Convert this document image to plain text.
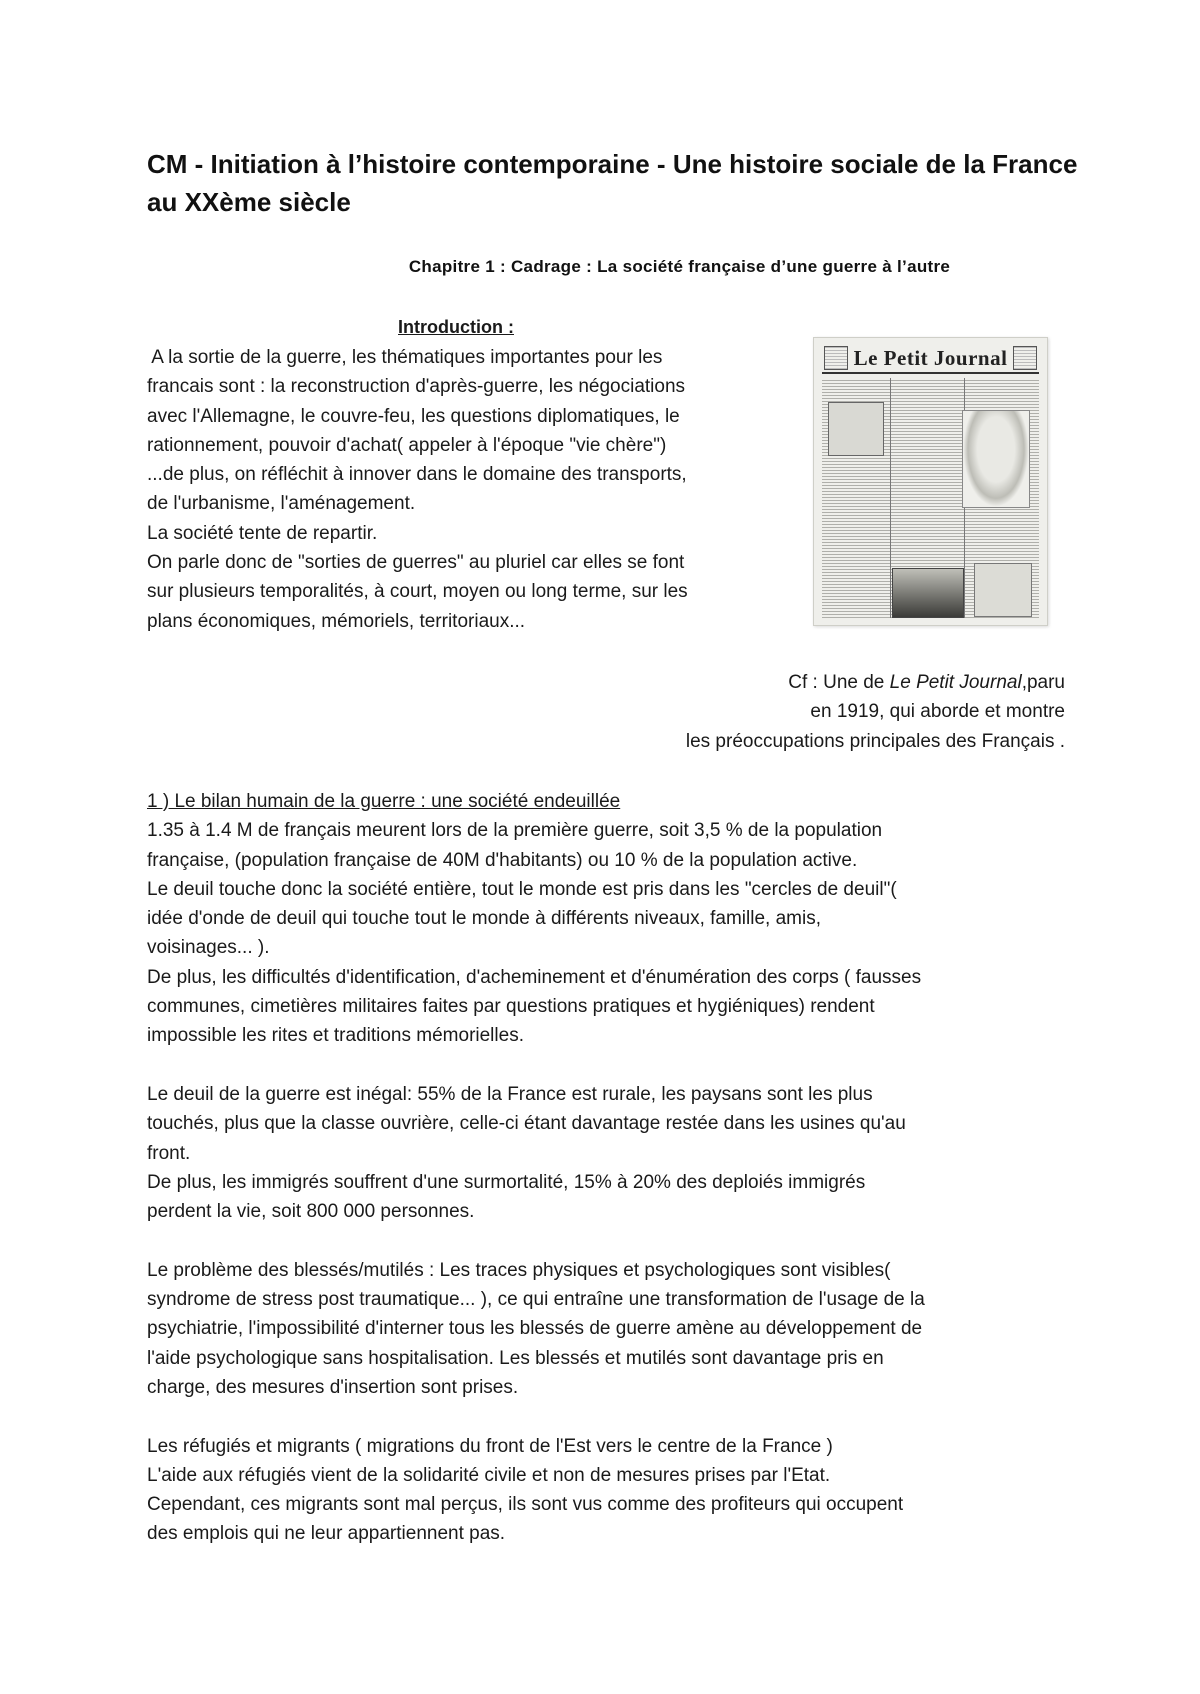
CM - Initiation à l’histoire contemporaine - Une histoire sociale de la France au XXème siècle

Chapitre 1 : Cadrage : La société française d’une guerre à l’autre

Introduction :

A la sortie de la guerre, les thématiques importantes pour les
francais sont : la reconstruction d'après-guerre, les négociations
avec l'Allemagne, le couvre-feu, les questions diplomatiques, le
rationnement, pouvoir d'achat( appeler à l'époque "vie chère")
...de plus, on réfléchit à innover dans le domaine des transports,
de l'urbanisme, l'aménagement.
La société tente de repartir.
On parle donc de "sorties de guerres" au pluriel car elles se font
sur plusieurs temporalités, à court, moyen ou long terme, sur les
plans économiques, mémoriels, territoriaux...
Le Petit Journal
Cf : Une de Le Petit Journal,paru
en 1919, qui aborde et montre
les préoccupations principales des Français .
1 ) Le bilan humain de la guerre : une société endeuillée
1.35 à 1.4 M de français meurent lors de la première guerre, soit 3,5 % de la population
française, (population française de 40M d'habitants) ou 10 % de la population active.
Le deuil touche donc la société entière, tout le monde est pris dans les "cercles de deuil"(
idée d'onde de deuil qui touche tout le monde à différents niveaux, famille, amis,
voisinages... ).
De plus, les difficultés d'identification, d'acheminement et d'énumération des corps ( fausses
communes, cimetières militaires faites par questions pratiques et hygiéniques) rendent
impossible les rites et traditions mémorielles.
Le deuil de la guerre est inégal: 55% de la France est rurale, les paysans sont les plus
touchés, plus que la classe ouvrière, celle-ci étant davantage restée dans les usines qu'au
front.
De plus, les immigrés souffrent d'une surmortalité, 15% à 20% des deploiés immigrés
perdent la vie, soit 800 000 personnes.
Le problème des blessés/mutilés : Les traces physiques et psychologiques sont visibles(
syndrome de stress post traumatique... ), ce qui entraîne une transformation de l'usage de la
psychiatrie, l'impossibilité d'interner tous les blessés de guerre amène au développement de
l'aide psychologique sans hospitalisation. Les blessés et mutilés sont davantage pris en
charge, des mesures d'insertion sont prises.
Les réfugiés et migrants ( migrations du front de l'Est vers le centre de la France )
L'aide aux réfugiés vient de la solidarité civile et non de mesures prises par l'Etat.
Cependant, ces migrants sont mal perçus, ils sont vus comme des profiteurs qui occupent
des emplois qui ne leur appartiennent pas.
